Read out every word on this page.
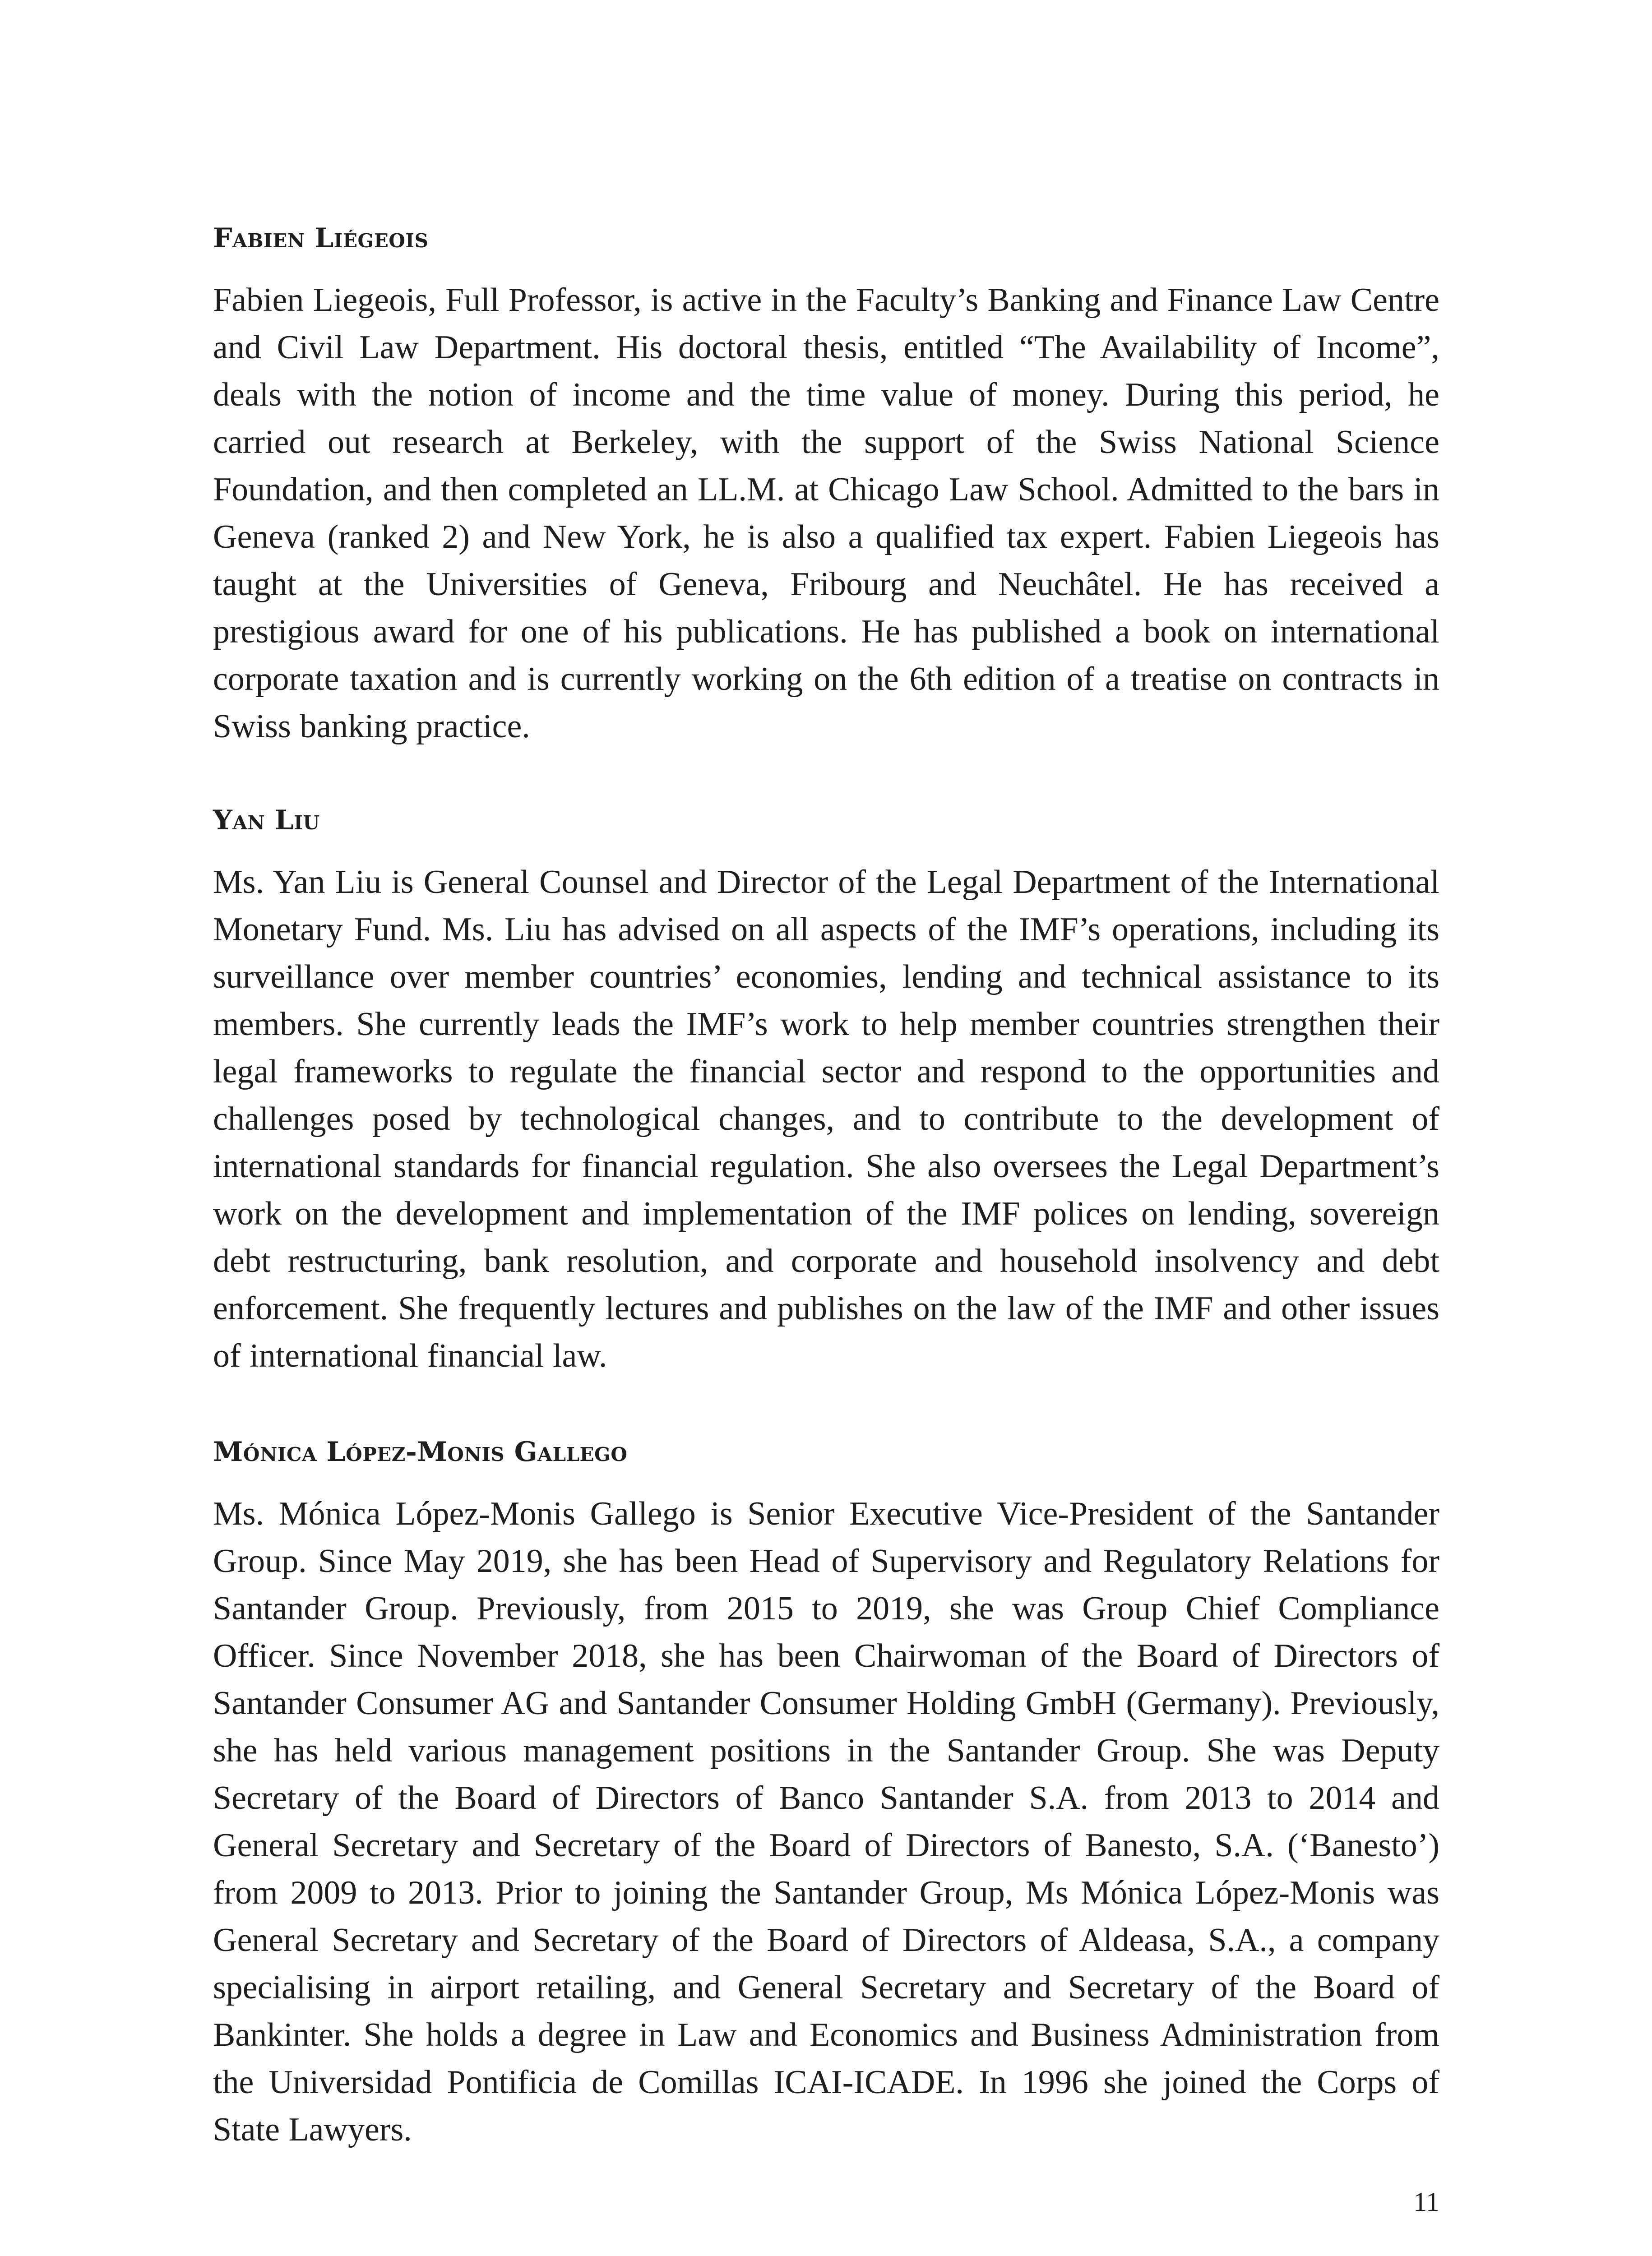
Fabien Liégeois

Fabien Liegeois, Full Professor, is active in the Faculty’s Banking and Finance Law Centre and Civil Law Department. His doctoral thesis, entitled “The Availability of Income”, deals with the notion of income and the time value of money. During this period, he carried out research at Berkeley, with the support of the Swiss National Science Foundation, and then completed an LL.M. at Chicago Law School. Admitted to the bars in Geneva (ranked 2) and New York, he is also a qualified tax expert. Fabien Liegeois has taught at the Universities of Geneva, Fribourg and Neuchâtel. He has received a prestigious award for one of his publications. He has published a book on international corporate taxation and is currently working on the 6th edition of a treatise on contracts in Swiss banking practice.

Yan Liu

Ms. Yan Liu is General Counsel and Director of the Legal Department of the International Monetary Fund. Ms. Liu has advised on all aspects of the IMF’s operations, including its surveillance over member countries’ economies, lending and technical assistance to its members. She currently leads the IMF’s work to help member countries strengthen their legal frameworks to regulate the financial sector and respond to the opportunities and challenges posed by technological changes, and to contribute to the development of international standards for financial regulation. She also oversees the Legal Department’s work on the development and implementation of the IMF polices on lending, sovereign debt restructuring, bank resolution, and corporate and household insolvency and debt enforcement. She frequently lectures and publishes on the law of the IMF and other issues of international financial law.

Mónica López-Monis Gallego

Ms. Mónica López-Monis Gallego is Senior Executive Vice-President of the Santander Group. Since May 2019, she has been Head of Supervisory and Regulatory Relations for Santander Group. Previously, from 2015 to 2019, she was Group Chief Compliance Officer. Since November 2018, she has been Chairwoman of the Board of Directors of Santander Consumer AG and Santander Consumer Holding GmbH (Germany). Previously, she has held various management positions in the Santander Group. She was Deputy Secretary of the Board of Directors of Banco Santander S.A. from 2013 to 2014 and General Secretary and Secretary of the Board of Directors of Banesto, S.A. (‘Banesto’) from 2009 to 2013. Prior to joining the Santander Group, Ms Mónica López-Monis was General Secretary and Secretary of the Board of Directors of Aldeasa, S.A., a company specialising in airport retailing, and General Secretary and Secretary of the Board of Bankinter. She holds a degree in Law and Economics and Business Administration from the Universidad Pontificia de Comillas ICAI-ICADE. In 1996 she joined the Corps of State Lawyers.

11
